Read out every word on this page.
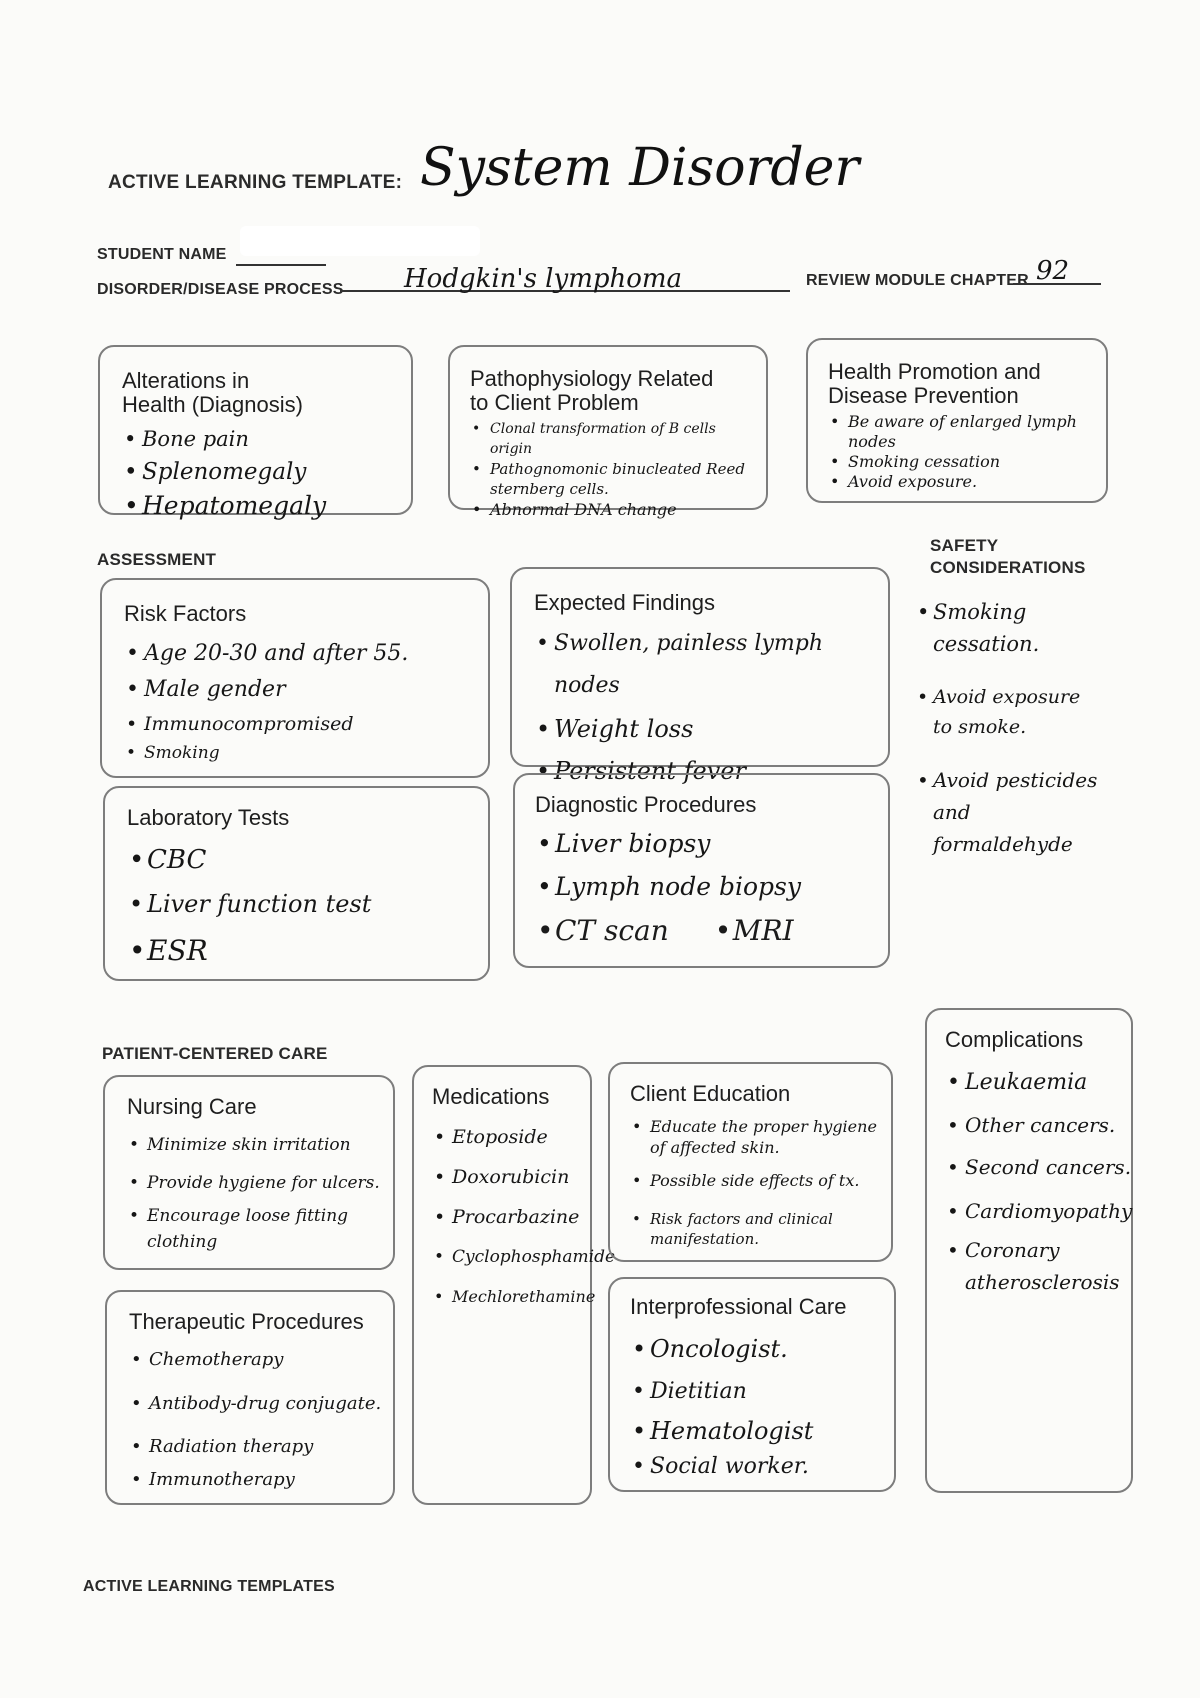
ACTIVE LEARNING TEMPLATE: System Disorder
STUDENT NAME
DISORDER/DISEASE PROCESS Hodgkin's lymphoma	REVIEW MODULE CHAPTER 92
Alterations in
Health (Diagnosis)
• Bone pain
• Splenomegaly
• Hepatomegaly
Pathophysiology Related
to Client Problem
• Clonal transformation of B cells origin
• Pathognomonic binucleated Reed sternberg cells.
• Abnormal DNA change
Health Promotion and
Disease Prevention
• Be aware of enlarged lymph nodes
• Smoking cessation
• Avoid exposure.
ASSESSMENT
Risk Factors
• Age 20-30 and after 55.
• Male gender
• Immunocompromised
• Smoking
Expected Findings
• Swollen, painless lymph nodes
• Weight loss
• Persistent fever
Laboratory Tests
• CBC
• Liver function test
• ESR
Diagnostic Procedures
• Liver biopsy
• Lymph node biopsy
• CT scan • MRI
SAFETY
CONSIDERATIONS
• Smoking cessation.
• Avoid exposure to smoke.
• Avoid pesticides and formaldehyde
PATIENT-CENTERED CARE
Nursing Care
• Minimize skin irritation
• Provide hygiene for ulcers.
• Encourage loose fitting clothing
Medications
• Etoposide
• Doxorubicin
• Procarbazine
• Cyclophosphamide
• Mechlorethamine
Client Education
• Educate the proper hygiene of affected skin.
• Possible side effects of tx.
• Risk factors and clinical manifestation.
Therapeutic Procedures
• Chemotherapy
• Antibody-drug conjugate.
• Radiation therapy
• Immunotherapy
Interprofessional Care
• Oncologist.
• Dietitian
• Hematologist
• Social worker.
Complications
• Leukaemia
• Other cancers.
• Second cancers.
• Cardiomyopathy
• Coronary atherosclerosis
ACTIVE LEARNING TEMPLATES
